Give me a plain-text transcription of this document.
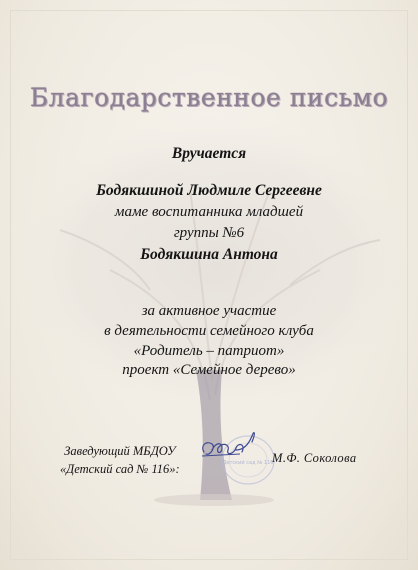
Благодарственное письмо
Вручается
Бодякшиной Людмиле Сергеевне
маме воспитанника младшей
группы №6
Бодякшина Антона
за активное участие
в деятельности семейного клуба
«Родитель – патриот»
проект «Семейное дерево»
Заведующий МБДОУ
«Детский сад № 116»:	Детский сад № 116
М.Ф. Соколова
